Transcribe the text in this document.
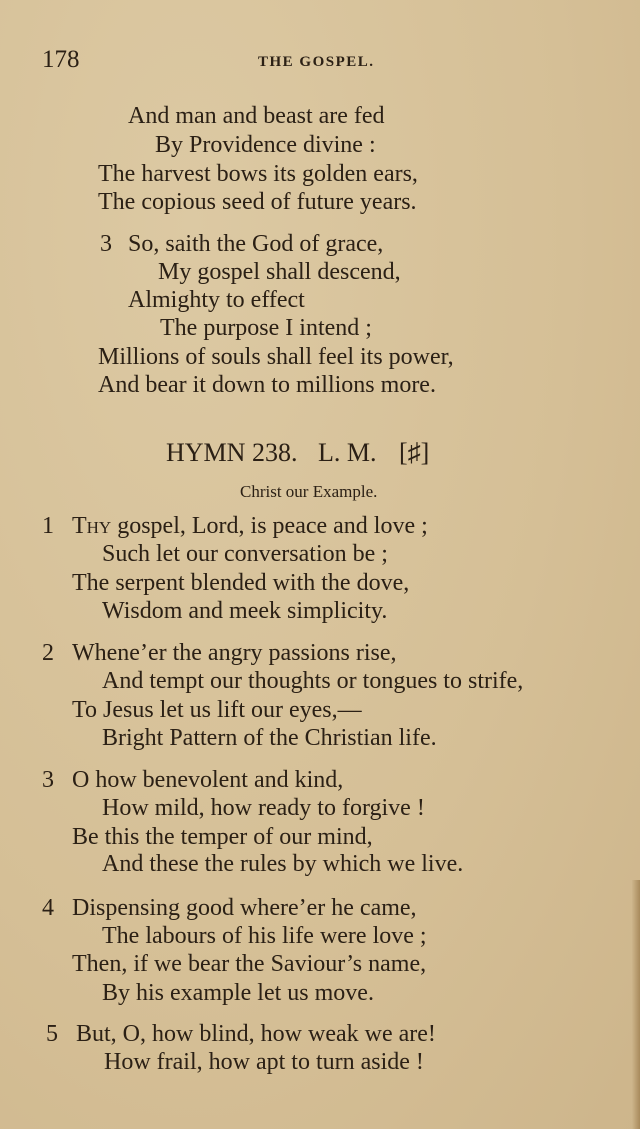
178	THE GOSPEL.
And man and beast are fed
By Providence divine :
The harvest bows its golden ears,
The copious seed of future years.
3 So, saith the God of grace,
My gospel shall descend,
Almighty to effect
The purpose I intend ;
Millions of souls shall feel its power,
And bear it down to millions more.
HYMN 238. L. M. [♯]
Christ our Example.
1 Thy gospel, Lord, is peace and love ;
Such let our conversation be ;
The serpent blended with the dove,
Wisdom and meek simplicity.
2 Whene’er the angry passions rise,
And tempt our thoughts or tongues to strife,
To Jesus let us lift our eyes,—
Bright Pattern of the Christian life.
3 O how benevolent and kind,
How mild, how ready to forgive !
Be this the temper of our mind,
And these the rules by which we live.
4 Dispensing good where’er he came,
The labours of his life were love ;
Then, if we bear the Saviour’s name,
By his example let us move.
5 But, O, how blind, how weak we are!
How frail, how apt to turn aside !
